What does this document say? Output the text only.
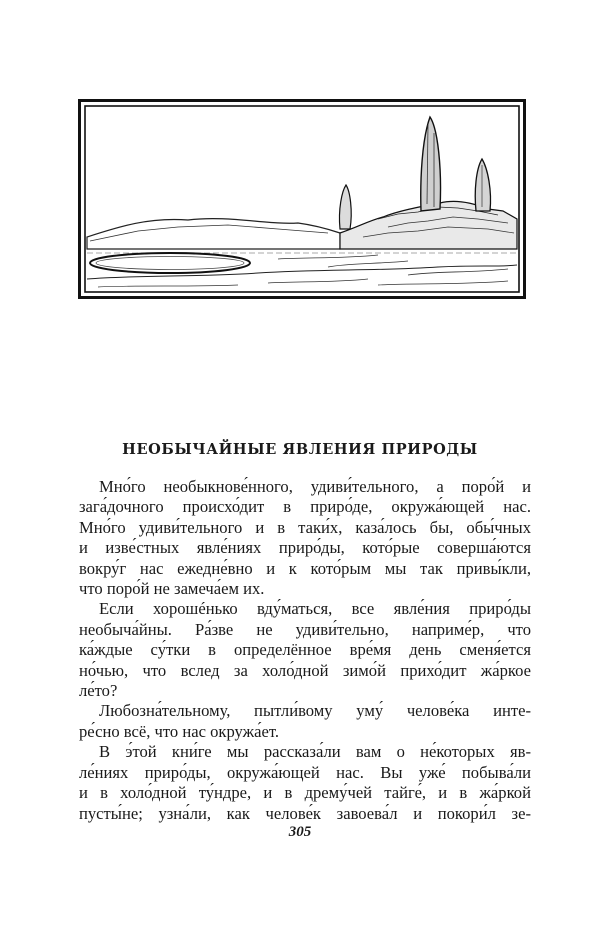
НЕОБЫЧАЙНЫЕ ЯВЛЕНИЯ ПРИРОДЫ

Мно́го необыкнове́нного, удиви́тельного, а поро́й и
зага́дочного происхо́дит в приро́де, окружа́ющей нас.
Мно́го удиви́тельного и в таки́х, каза́лось бы, обы́чных
и изве́стных явле́ниях приро́ды, кото́рые соверша́ются
вокру́г нас ежедне́вно и к кото́рым мы так привы́кли,
что поро́й не замеча́ем их.

Если хорошéнько вду́маться, все явле́ния приро́ды
необыча́йны. Ра́зве не удиви́тельно, наприме́р, что
ка́ждые су́тки в определённое вре́мя день сменя́ется
но́чью, что вслед за холо́дной зимо́й прихо́дит жа́ркое
ле́то?

Любозна́тельному, пытли́вому уму́ челове́ка инте-
ре́сно всё, что нас окружа́ет.

В э́той кни́ге мы рассказа́ли вам о не́которых яв-
ле́ниях приро́ды, окружа́ющей нас. Вы уже́ побыва́ли
и в холо́дной ту́ндре, и в дрему́чей тайге́, и в жа́ркой
пусты́не; узна́ли, как челове́к завоева́л и покори́л зе-

305
